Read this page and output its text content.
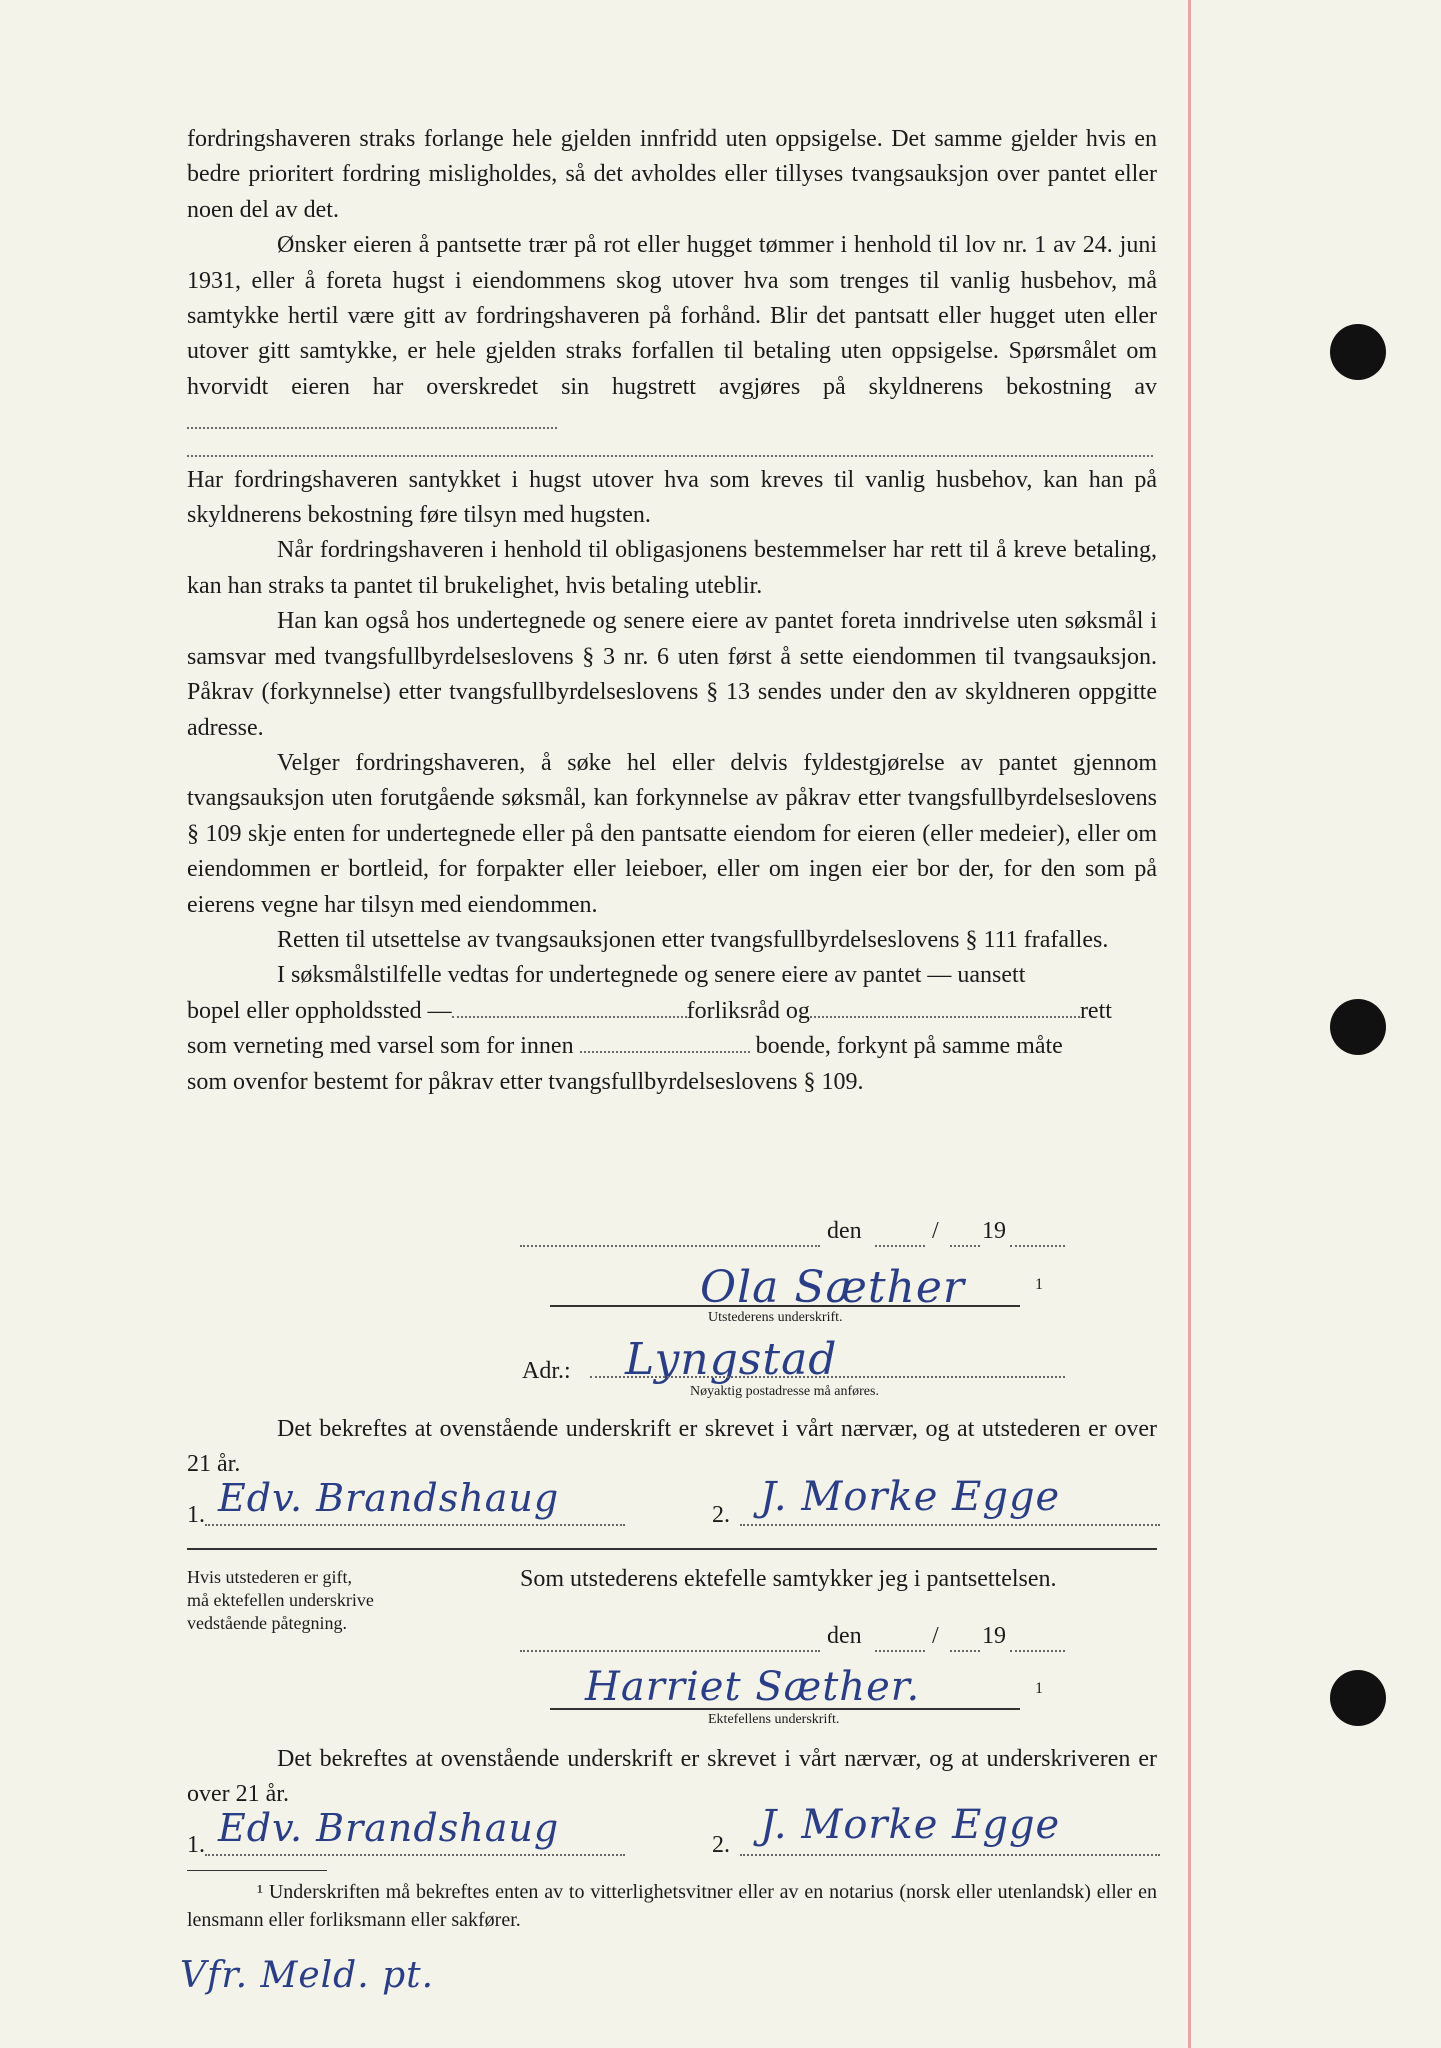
fordringshaveren straks forlange hele gjelden innfridd uten oppsigelse. Det samme gjelder hvis en bedre prioritert fordring misligholdes, så det avholdes eller tillyses tvangsauksjon over pantet eller noen del av det.

Ønsker eieren å pantsette trær på rot eller hugget tømmer i henhold til lov nr. 1 av 24. juni 1931, eller å foreta hugst i eiendommens skog utover hva som trenges til vanlig husbehov, må samtykke hertil være gitt av fordringshaveren på forhånd. Blir det pantsatt eller hugget uten eller utover gitt samtykke, er hele gjelden straks forfallen til betaling uten oppsigelse. Spørsmålet om hvorvidt eieren har overskredet sin hugstrett avgjøres på skyldnerens bekostning av

Har fordringshaveren santykket i hugst utover hva som kreves til vanlig husbehov, kan han på skyldnerens bekostning føre tilsyn med hugsten.

Når fordringshaveren i henhold til obligasjonens bestemmelser har rett til å kreve betaling, kan han straks ta pantet til brukelighet, hvis betaling uteblir.

Han kan også hos undertegnede og senere eiere av pantet foreta inndrivelse uten søksmål i samsvar med tvangsfullbyrdelseslovens § 3 nr. 6 uten først å sette eiendommen til tvangsauksjon. Påkrav (forkynnelse) etter tvangsfullbyrdelseslovens § 13 sendes under den av skyldneren oppgitte adresse.

Velger fordringshaveren, å søke hel eller delvis fyldestgjørelse av pantet gjennom tvangsauksjon uten forutgående søksmål, kan forkynnelse av påkrav etter tvangsfullbyrdelseslovens § 109 skje enten for undertegnede eller på den pantsatte eiendom for eieren (eller medeier), eller om eiendommen er bortleid, for forpakter eller leieboer, eller om ingen eier bor der, for den som på eierens vegne har tilsyn med eiendommen.

Retten til utsettelse av tvangsauksjonen etter tvangsfullbyrdelseslovens § 111 frafalles.

I søksmålstilfelle vedtas for undertegnede og senere eiere av pantet — uansett

bopel eller oppholdssted —	forliksråd og	rett

som verneting med varsel som for innen	boende, forkynt på samme måte

som ovenfor bestemt for påkrav etter tvangsfullbyrdelseslovens § 109.

den	/ 19
Ola Sæther	1
Utstederens underskrift.
Adr.: Lyngstad
Nøyaktig postadresse må anføres.
Det bekreftes at ovenstående underskrift er skrevet i vårt nærvær, og at utstederen er over 21 år.
1. Edv. Brandshaug	2. J. Morke Egge
Hvis utstederen er gift,
må ektefellen underskrive
vedstående påtegning.
Som utstederens ektefelle samtykker jeg i pantsettelsen.
den	/ 19
Harriet Sæther.	1
Ektefellens underskrift.
Det bekreftes at ovenstående underskrift er skrevet i vårt nærvær, og at underskriveren er over 21 år.
1. Edv. Brandshaug	2. J. Morke Egge
¹ Underskriften må bekreftes enten av to vitterlighetsvitner eller av en notarius (norsk eller utenlandsk) eller en lensmann eller forliksmann eller sakfører.
Vfr. Meld. pt.
